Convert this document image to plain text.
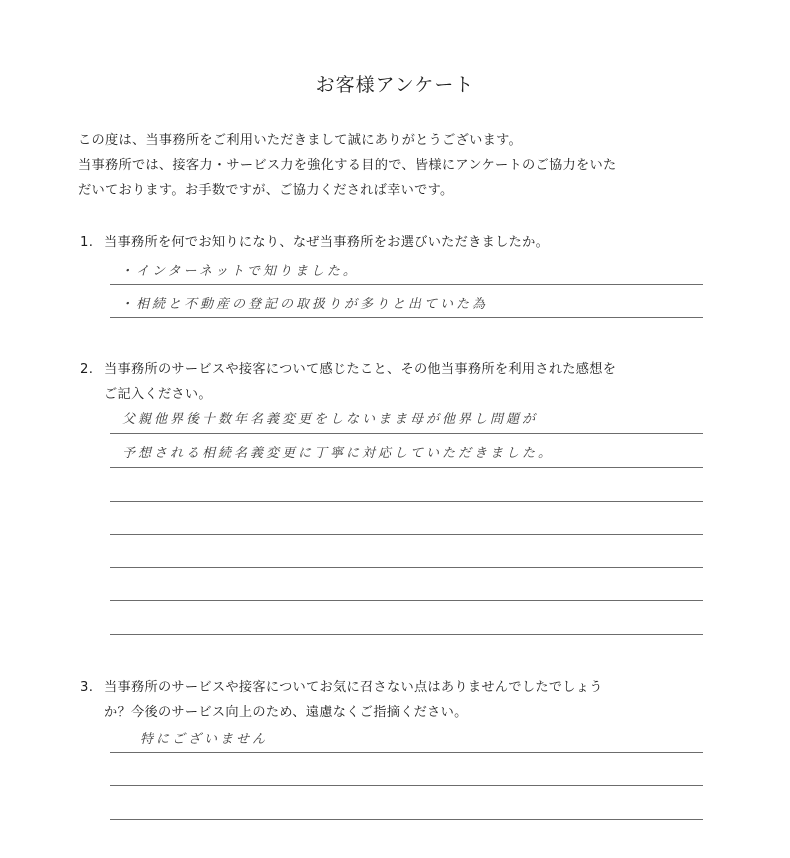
お客様アンケート
この度は、当事務所をご利用いただきまして誠にありがとうございます。
当事務所では、接客力・サービス力を強化する目的で、皆様にアンケートのご協力をいた
だいております。お手数ですが、ご協力くだされば幸いです。
1. 当事務所を何でお知りになり、なぜ当事務所をお選びいただきましたか。
・インターネットで知りました。
・相続と不動産の登記の取扱りが多りと出ていた為
2. 当事務所のサービスや接客について感じたこと、その他当事務所を利用された感想を
ご記入ください。
父親他界後十数年名義変更をしないまま母が他界し問題が
予想される相続名義変更に丁寧に対応していただきました。
3. 当事務所のサービスや接客についてお気に召さない点はありませんでしたでしょう
か？今後のサービス向上のため、遠慮なくご指摘ください。
特にございません
